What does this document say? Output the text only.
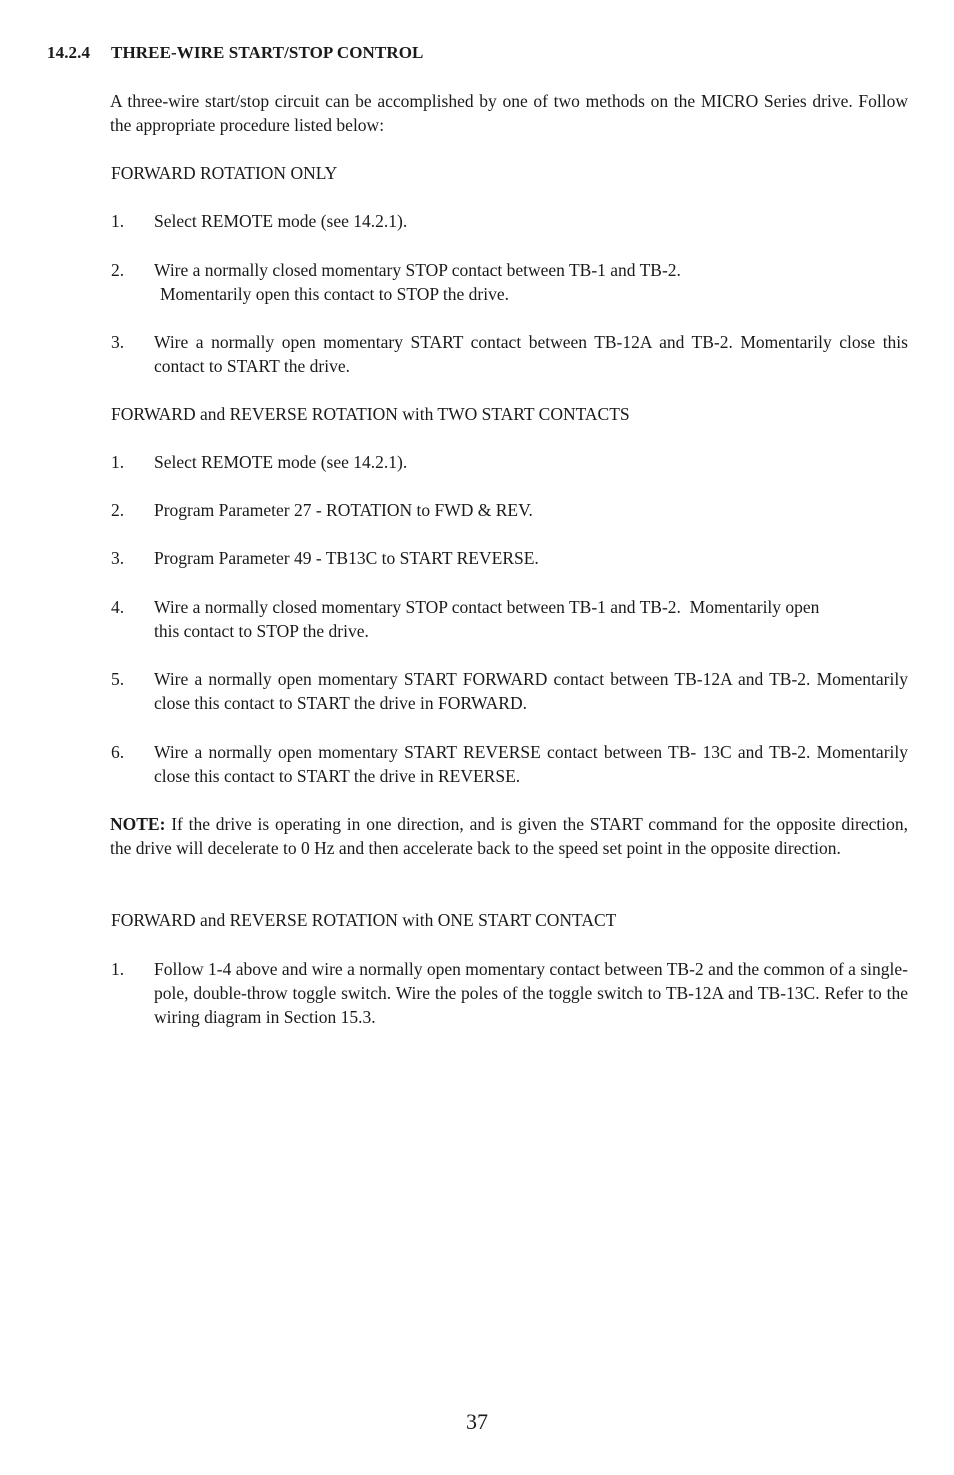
14.2.4 THREE-WIRE START/STOP CONTROL
A three-wire start/stop circuit can be accomplished by one of two methods on the MICRO Series drive. Follow the appropriate procedure listed below:
FORWARD ROTATION ONLY
1. Select REMOTE mode (see 14.2.1).
2. Wire a normally closed momentary STOP contact between TB-1 and TB-2.
Momentarily open this contact to STOP the drive.
3. Wire a normally open momentary START contact between TB-12A and TB-2. Momentarily close this contact to START the drive.
FORWARD and REVERSE ROTATION with TWO START CONTACTS
1. Select REMOTE mode (see 14.2.1).
2. Program Parameter 27 - ROTATION to FWD & REV.
3. Program Parameter 49 - TB13C to START REVERSE.
4. Wire a normally closed momentary STOP contact between TB-1 and TB-2.  Momentarily open
this contact to STOP the drive.
5. Wire a normally open momentary START FORWARD contact between TB-12A and TB-2. Momentarily close this contact to START the drive in FORWARD.
6. Wire a normally open momentary START REVERSE contact between TB- 13C and TB-2. Momentarily close this contact to START the drive in REVERSE.
NOTE: If the drive is operating in one direction, and is given the START command for the opposite direction, the drive will decelerate to 0 Hz and then accelerate back to the speed set point in the opposite direction.
FORWARD and REVERSE ROTATION with ONE START CONTACT
1. Follow 1-4 above and wire a normally open momentary contact between TB-2 and the common of a single-pole, double-throw toggle switch. Wire the poles of the toggle switch to TB-12A and TB-13C. Refer to the wiring diagram in Section 15.3.
37
